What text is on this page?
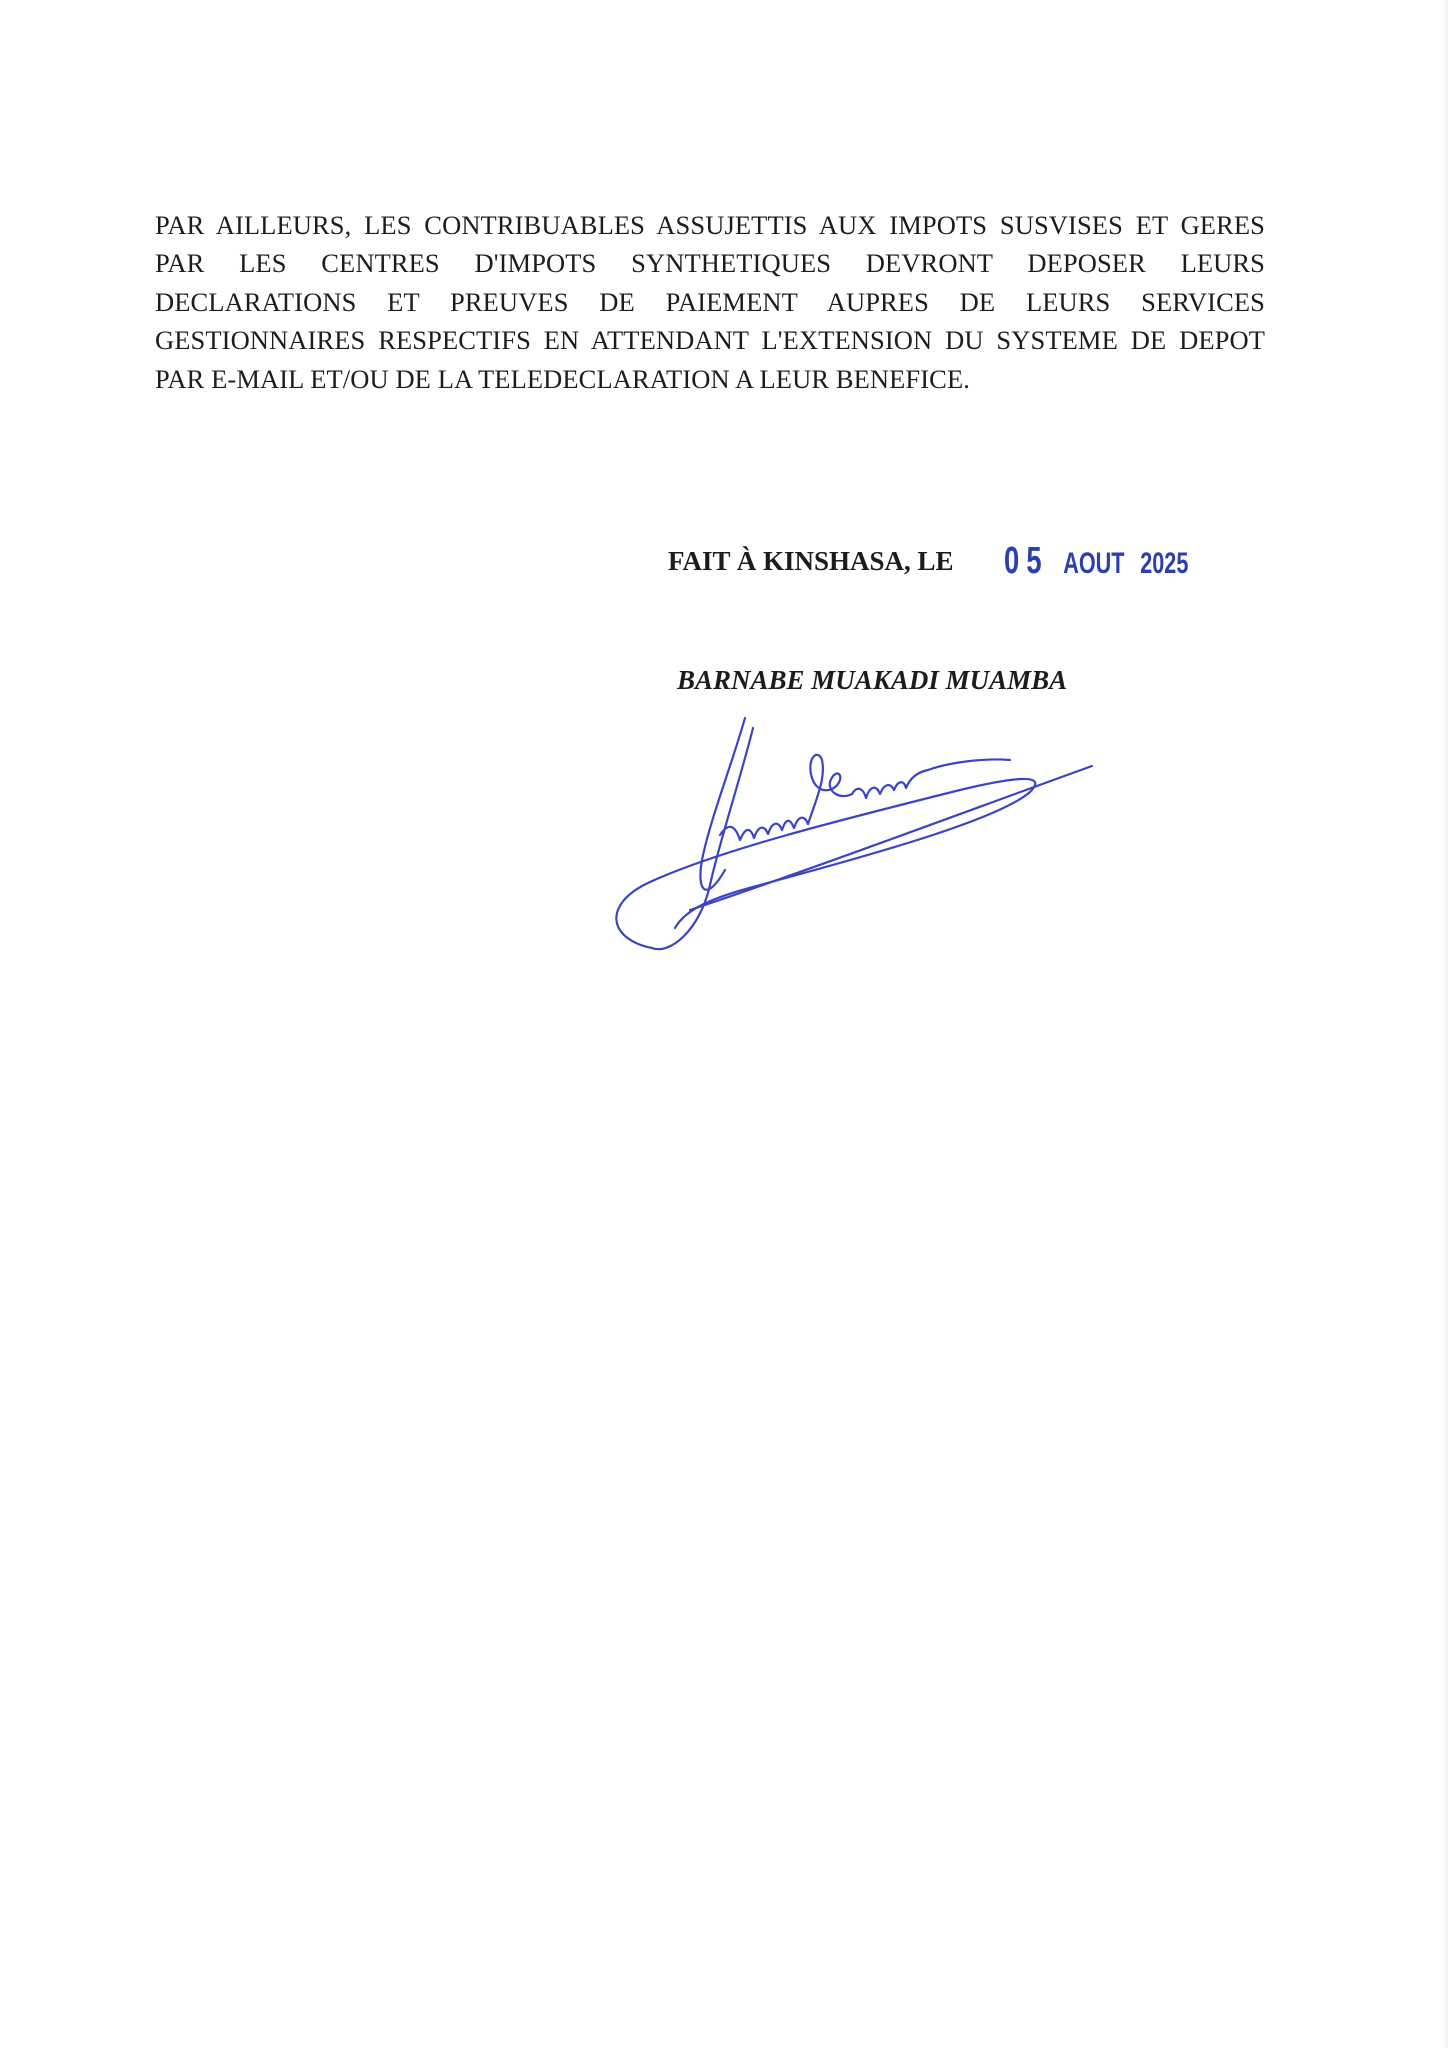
PAR AILLEURS, LES CONTRIBUABLES ASSUJETTIS AUX IMPOTS SUSVISES ET GERES PAR LES CENTRES D'IMPOTS SYNTHETIQUES DEVRONT DEPOSER LEURS DECLARATIONS ET PREUVES DE PAIEMENT AUPRES DE LEURS SERVICES GESTIONNAIRES RESPECTIFS EN ATTENDANT L'EXTENSION DU SYSTEME DE DEPOT PAR E-MAIL ET/OU DE LA TELEDECLARATION A LEUR BENEFICE.

FAIT À KINSHASA, LE 05 AOUT 2025
BARNABE MUAKADI MUAMBA
